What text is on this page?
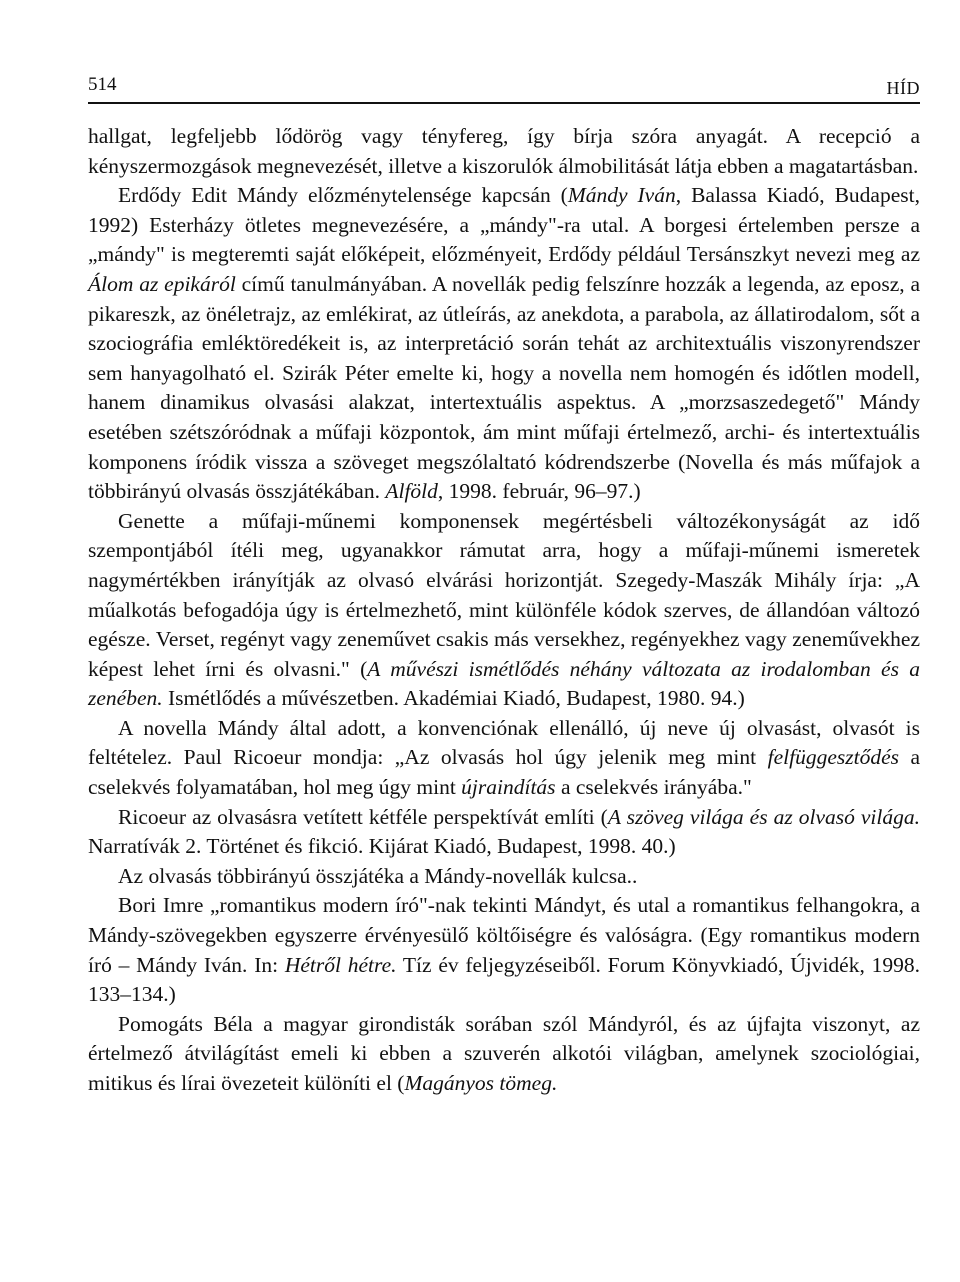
514	HÍD

hallgat, legfeljebb lődörög vagy tényfereg, így bírja szóra anyagát. A recepció a kényszermozgások megnevezését, illetve a kiszorulók álmobilitását látja ebben a magatartásban.

Erdődy Edit Mándy előzménytelensége kapcsán (Mándy Iván, Balassa Kiadó, Budapest, 1992) Esterházy ötletes megnevezésére, a „mándy"-ra utal. A borgesi értelemben persze a „mándy" is megteremti saját előképeit, előzményeit, Erdődy például Tersánszkyt nevezi meg az Álom az epikáról című tanulmányában. A novellák pedig felszínre hozzák a legenda, az eposz, a pikareszk, az önéletrajz, az emlékirat, az útleírás, az anekdota, a parabola, az állatirodalom, sőt a szociográfia emléktöredékeit is, az interpretáció során tehát az architextuális viszonyrendszer sem hanyagolható el. Szirák Péter emelte ki, hogy a novella nem homogén és időtlen modell, hanem dinamikus olvasási alakzat, intertextuális aspektus. A „morzsaszedegető" Mándy esetében szétszóródnak a műfaji központok, ám mint műfaji értelmező, archi- és intertextuális komponens íródik vissza a szöveget megszólaltató kódrendszerbe (Novella és más műfajok a többirányú olvasás összjátékában. Alföld, 1998. február, 96–97.)

Genette a műfaji-műnemi komponensek megértésbeli változékonyságát az idő szempontjából ítéli meg, ugyanakkor rámutat arra, hogy a műfaji-műnemi ismeretek nagymértékben irányítják az olvasó elvárási horizontját. Szegedy-Maszák Mihály írja: „A műalkotás befogadója úgy is értelmezhető, mint különféle kódok szerves, de állandóan változó egésze. Verset, regényt vagy zeneművet csakis más versekhez, regényekhez vagy zeneművekhez képest lehet írni és olvasni." (A művészi ismétlődés néhány változata az irodalomban és a zenében. Ismétlődés a művészetben. Akadémiai Kiadó, Budapest, 1980. 94.)

A novella Mándy által adott, a konvenciónak ellenálló, új neve új olvasást, olvasót is feltételez. Paul Ricoeur mondja: „Az olvasás hol úgy jelenik meg mint felfüggesztődés a cselekvés folyamatában, hol meg úgy mint újraindítás a cselekvés irányába."

Ricoeur az olvasásra vetített kétféle perspektívát említi (A szöveg világa és az olvasó világa. Narratívák 2. Történet és fikció. Kijárat Kiadó, Budapest, 1998. 40.)

Az olvasás többirányú összjátéka a Mándy-novellák kulcsa..

Bori Imre „romantikus modern író"-nak tekinti Mándyt, és utal a romantikus felhangokra, a Mándy-szövegekben egyszerre érvényesülő költőiségre és valóságra. (Egy romantikus modern író – Mándy Iván. In: Hétről hétre. Tíz év feljegyzéseiből. Forum Könyvkiadó, Újvidék, 1998. 133–134.)

Pomogáts Béla a magyar girondisták sorában szól Mándyról, és az újfajta viszonyt, az értelmező átvilágítást emeli ki ebben a szuverén alkotói világban, amelynek szociológiai, mitikus és lírai övezeteit különíti el (Magányos tömeg.
